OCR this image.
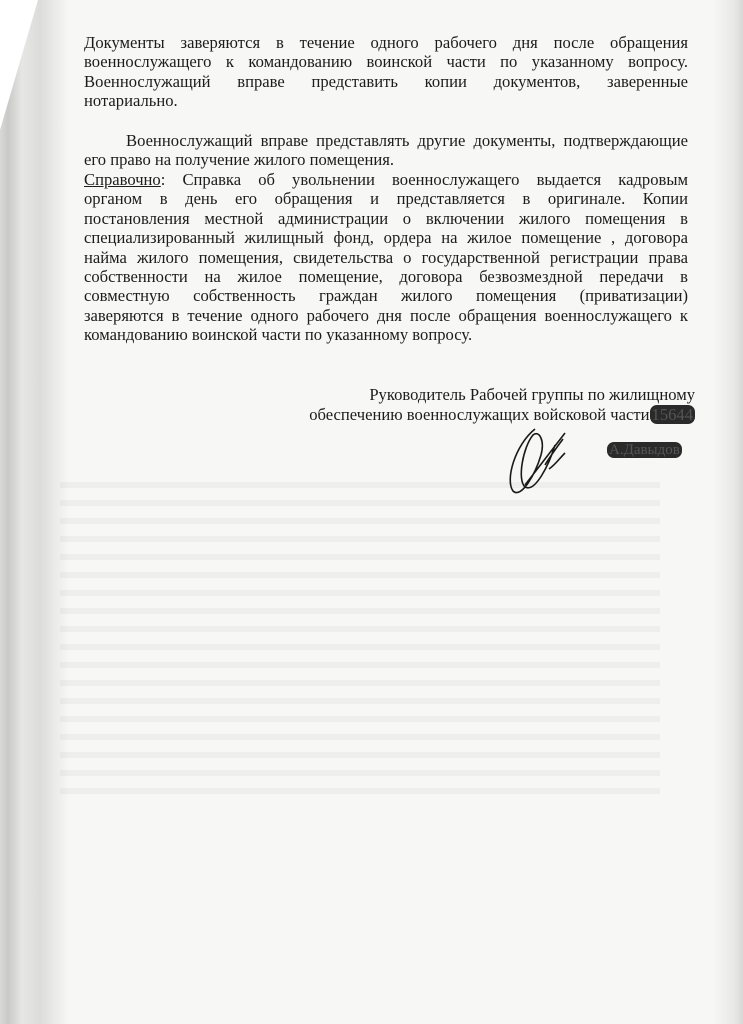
Документы заверяются в течение одного рабочего дня после обращения
военнослужащего к командованию воинской части по указанному вопросу.
Военнослужащий вправе представить копии документов, заверенные
нотариально.
Военнослужащий вправе представлять другие документы, подтверждающие
его право на получение жилого помещения.
Справочно: Справка об увольнении военнослужащего выдается кадровым
органом в день его обращения и представляется в оригинале. Копии
постановления местной администрации о включении жилого помещения в
специализированный жилищный фонд, ордера на жилое помещение , договора
найма жилого помещения, свидетельства о государственной регистрации права
собственности на жилое помещение, договора безвозмездной передачи в
совместную собственность граждан жилого помещения (приватизации)
заверяются в течение одного рабочего дня после обращения военнослужащего к
командованию воинской части по указанному вопросу.
Руководитель Рабочей группы по жилищному
обеспечению военнослужащих войсковой части 15644
А.Давыдов
